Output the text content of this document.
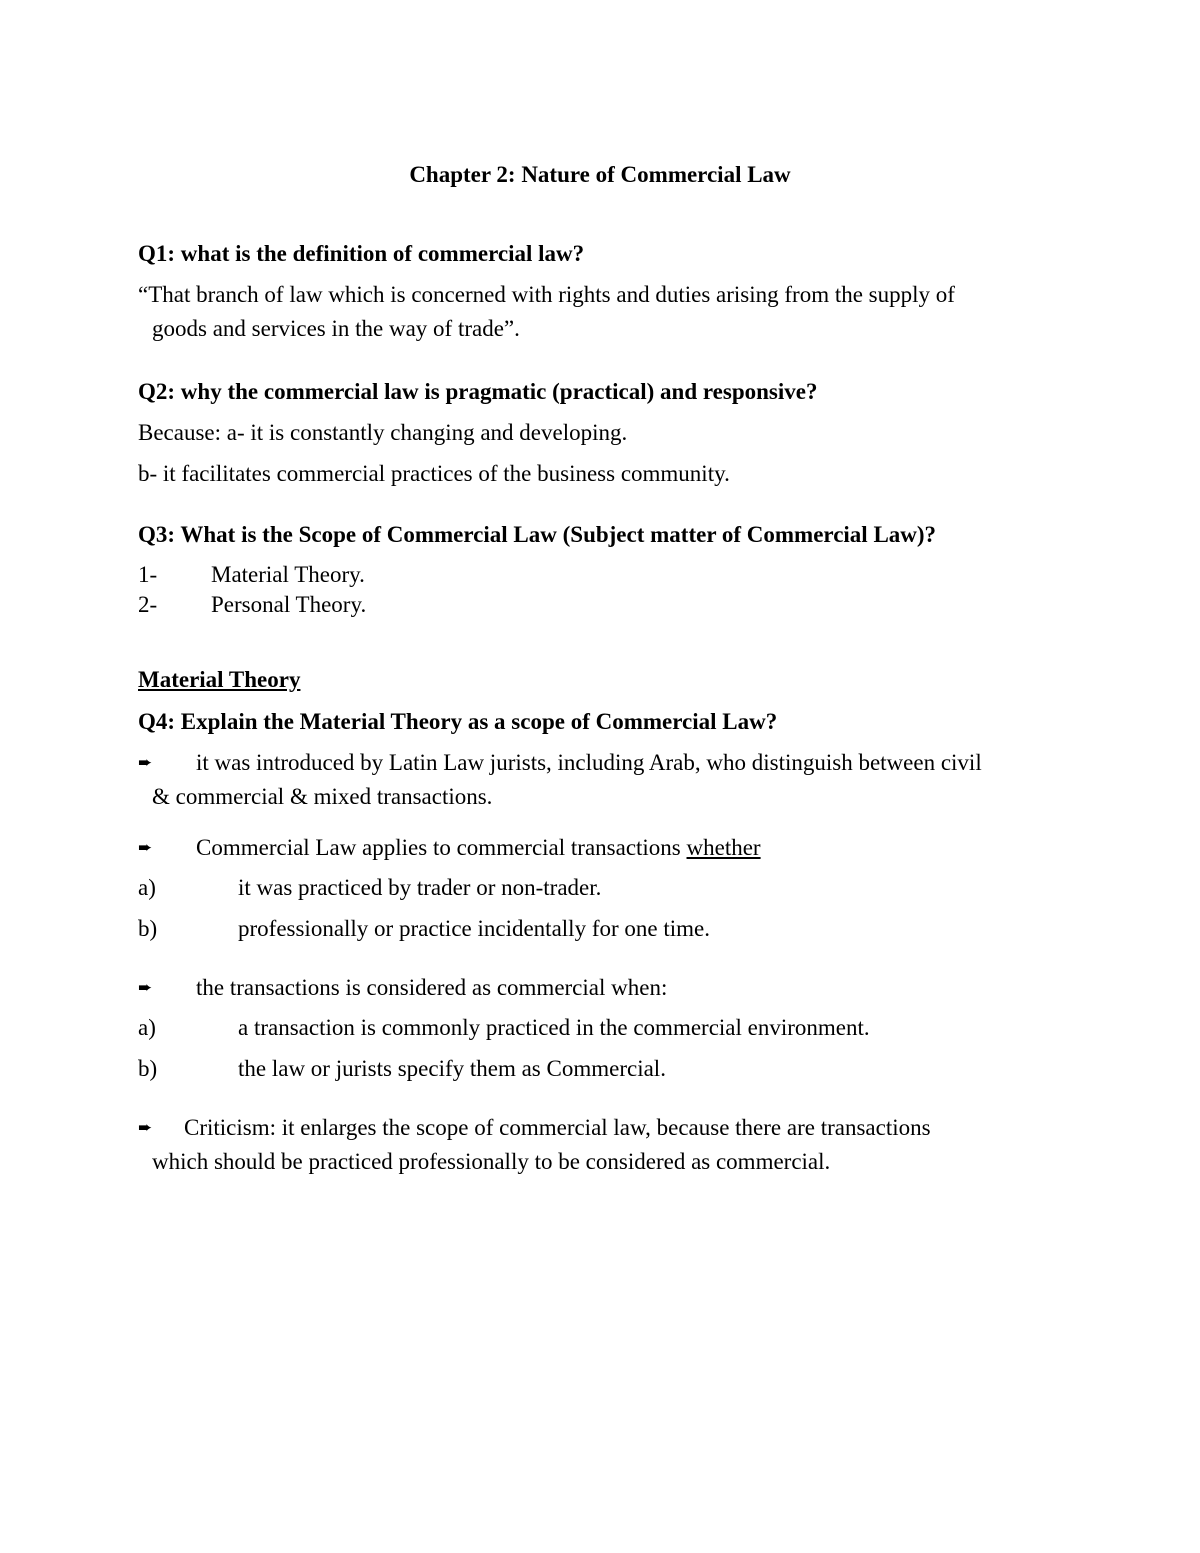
Chapter 2: Nature of Commercial Law
Q1: what is the definition of commercial law?
“That branch of law which is concerned with rights and duties arising from the supply of
goods and services in the way of trade”.
Q2: why the commercial law is pragmatic (practical) and responsive?
Because: a- it is constantly changing and developing.
b- it facilitates commercial practices of the business community.
Q3: What is the Scope of Commercial Law (Subject matter of Commercial Law)?
1- Material Theory.
2- Personal Theory.
Material Theory
Q4: Explain the Material Theory as a scope of Commercial Law?
➨ it was introduced by Latin Law jurists, including Arab, who distinguish between civil
& commercial & mixed transactions.
➨ Commercial Law applies to commercial transactions whether
a)	it was practiced by trader or non-trader.
b)	professionally or practice incidentally for one time.
➨ the transactions is considered as commercial when:
a)	a transaction is commonly practiced in the commercial environment.
b)	the law or jurists specify them as Commercial.
➨ Criticism: it enlarges the scope of commercial law, because there are transactions
which should be practiced professionally to be considered as commercial.
